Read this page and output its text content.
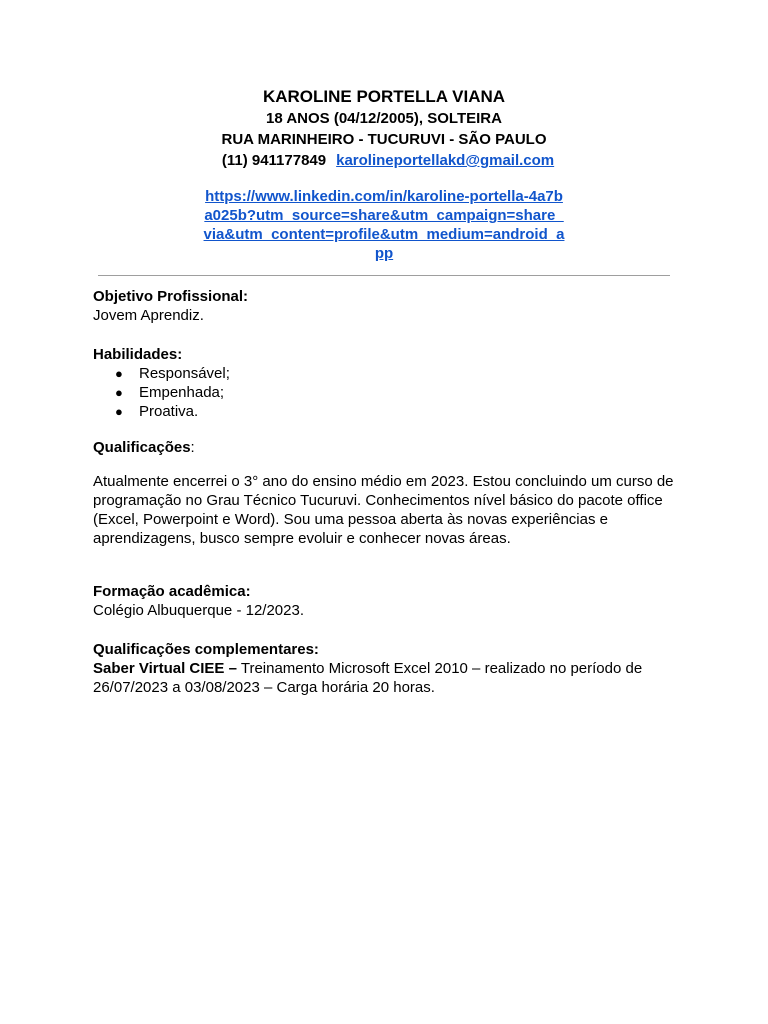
KAROLINE PORTELLA VIANA

18 ANOS (04/12/2005), SOLTEIRA

RUA MARINHEIRO - TUCURUVI - SÃO PAULO

(11) 941177849 karolineportellakd@gmail.com

https://www.linkedin.com/in/karoline-portella-4a7ba025b?utm_source=share&utm_campaign=share_via&utm_content=profile&utm_medium=android_app

Objetivo Profissional:

Jovem Aprendiz.

Habilidades:

● Responsável;
● Empenhada;
● Proativa.

Qualificações:

Atualmente encerrei o 3° ano do ensino médio em 2023. Estou concluindo um curso de programação no Grau Técnico Tucuruvi. Conhecimentos nível básico do pacote office (Excel, Powerpoint e Word). Sou uma pessoa aberta às novas experiências e aprendizagens, busco sempre evoluir e conhecer novas áreas.

Formação acadêmica:

Colégio Albuquerque - 12/2023.

Qualificações complementares:

Saber Virtual CIEE – Treinamento Microsoft Excel 2010 – realizado no período de 26/07/2023 a 03/08/2023 – Carga horária 20 horas.
